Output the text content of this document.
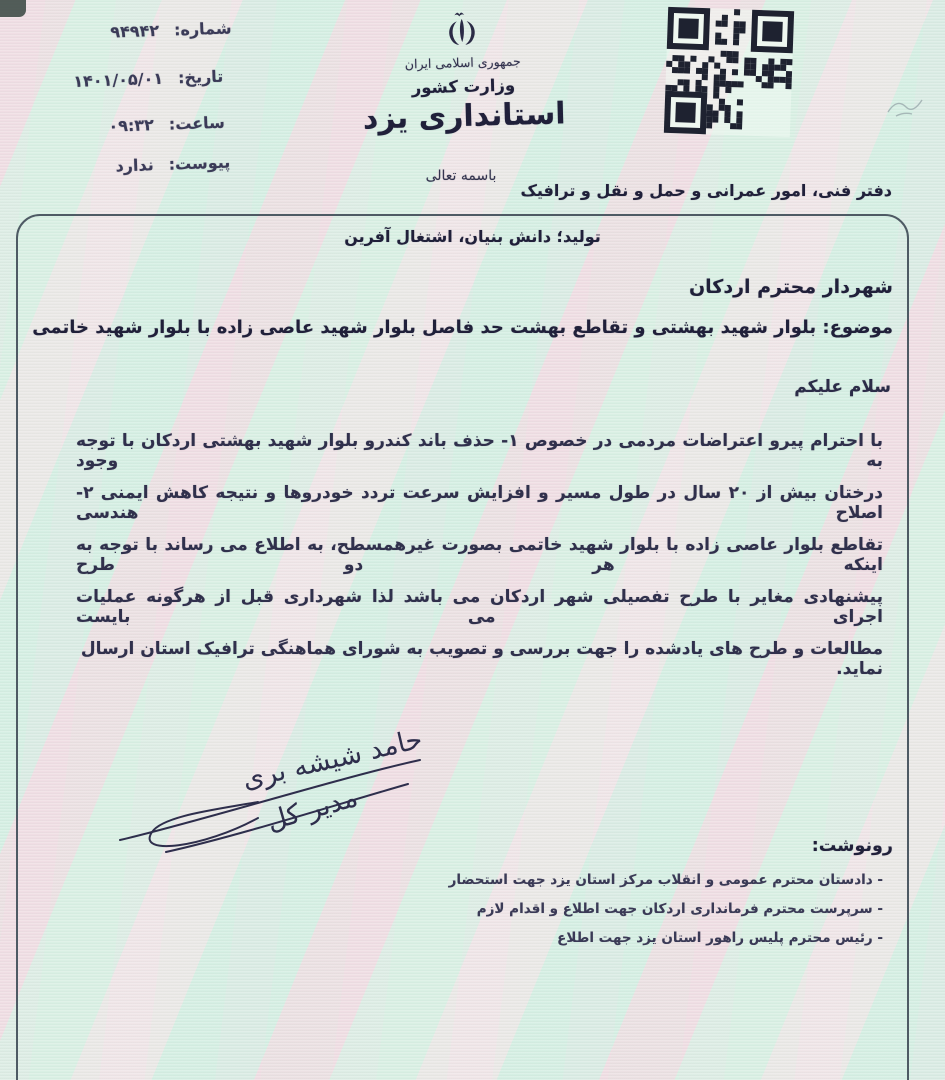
شماره:۹۴۹۴۲
تاریخ:۱۴۰۱/۰۵/۰۱
ساعت:۰۹:۳۲
پیوست:ندارد
جمهوری اسلامی ایران
وزارت کشور
استانداری یزد
باسمه تعالی
دفتر فنی، امور عمرانی و حمل و نقل و ترافیک
تولید؛ دانش بنیان، اشتغال آفرین
شهردار محترم اردکان
موضوع: بلوار شهید بهشتی و تقاطع بهشت حد فاصل بلوار شهید عاصی زاده با بلوار شهید خاتمی
سلام علیکم
با احترام پیرو اعتراضات مردمی در خصوص ۱- حذف باند کندرو بلوار شهید بهشتی اردکان با توجه به وجود
درختان بیش از ۲۰ سال در طول مسیر و افزایش سرعت تردد خودروها و نتیجه کاهش ایمنی ۲- اصلاح هندسی
تقاطع بلوار عاصی زاده با بلوار شهید خاتمی بصورت غیرهمسطح، به اطلاع می رساند با توجه به اینکه هر دو طرح
پیشنهادی مغایر با طرح تفصیلی شهر اردکان می باشد لذا شهرداری قبل از هرگونه عملیات اجرای می بایست
مطالعات و طرح های یادشده را جهت بررسی و تصویب به شورای هماهنگی ترافیک استان ارسال نماید.
حامد شیشه بری
مدیر کل
رونوشت:
- دادستان محترم عمومی و انقلاب مرکز استان یزد جهت استحضار
- سرپرست محترم فرمانداری اردکان جهت اطلاع و اقدام لازم
- رئیس محترم پلیس راهور استان یزد جهت اطلاع
